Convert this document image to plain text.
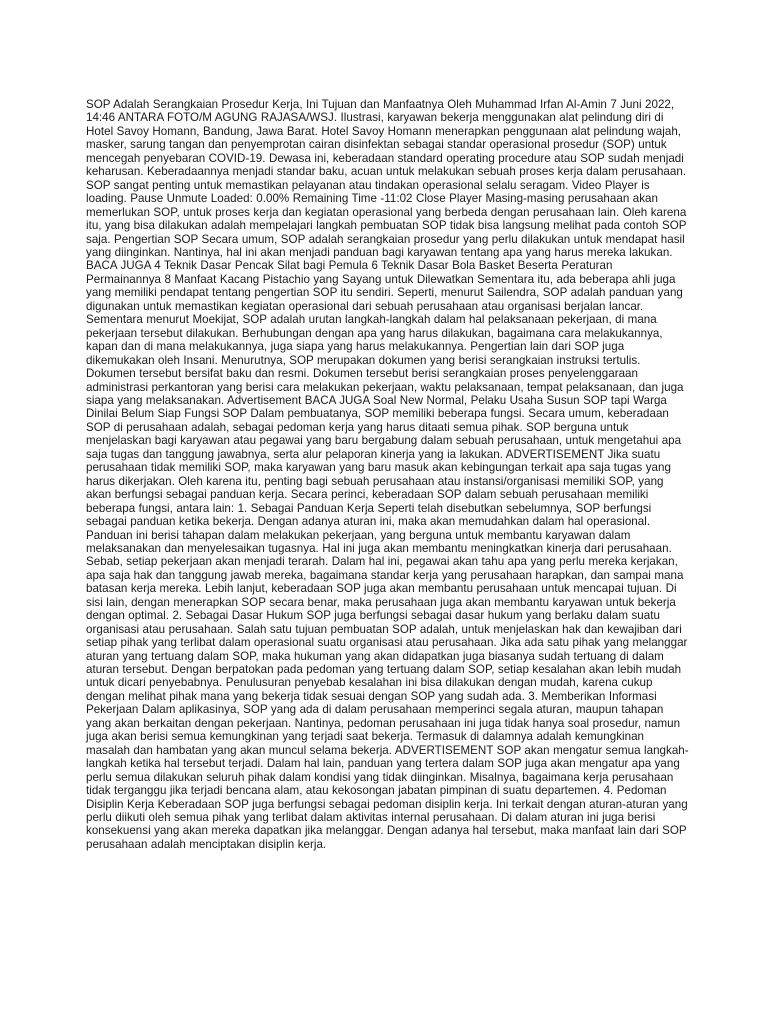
SOP Adalah Serangkaian Prosedur Kerja, Ini Tujuan dan Manfaatnya Oleh Muhammad Irfan Al-Amin 7 Juni 2022, 14:46 ANTARA FOTO/M AGUNG RAJASA/WSJ. Ilustrasi, karyawan bekerja menggunakan alat pelindung diri di Hotel Savoy Homann, Bandung, Jawa Barat. Hotel Savoy Homann menerapkan penggunaan alat pelindung wajah, masker, sarung tangan dan penyemprotan cairan disinfektan sebagai standar operasional prosedur (SOP) untuk mencegah penyebaran COVID-19. Dewasa ini, keberadaan standard operating procedure atau SOP sudah menjadi keharusan. Keberadaannya menjadi standar baku, acuan untuk melakukan sebuah proses kerja dalam perusahaan. SOP sangat penting untuk memastikan pelayanan atau tindakan operasional selalu seragam. Video Player is loading. Pause Unmute Loaded: 0.00% Remaining Time -11:02 Close Player Masing-masing perusahaan akan memerlukan SOP, untuk proses kerja dan kegiatan operasional yang berbeda dengan perusahaan lain. Oleh karena itu, yang bisa dilakukan adalah mempelajari langkah pembuatan SOP tidak bisa langsung melihat pada contoh SOP saja. Pengertian SOP Secara umum, SOP adalah serangkaian prosedur yang perlu dilakukan untuk mendapat hasil yang diinginkan. Nantinya, hal ini akan menjadi panduan bagi karyawan tentang apa yang harus mereka lakukan. BACA JUGA 4 Teknik Dasar Pencak Silat bagi Pemula 6 Teknik Dasar Bola Basket Beserta Peraturan Permainannya 8 Manfaat Kacang Pistachio yang Sayang untuk Dilewatkan Sementara itu, ada beberapa ahli juga yang memiliki pendapat tentang pengertian SOP itu sendiri. Seperti, menurut Sailendra, SOP adalah panduan yang digunakan untuk memastikan kegiatan operasional dari sebuah perusahaan atau organisasi berjalan lancar. Sementara menurut Moekijat, SOP adalah urutan langkah-langkah dalam hal pelaksanaan pekerjaan, di mana pekerjaan tersebut dilakukan. Berhubungan dengan apa yang harus dilakukan, bagaimana cara melakukannya, kapan dan di mana melakukannya, juga siapa yang harus melakukannya. Pengertian lain dari SOP juga dikemukakan oleh Insani. Menurutnya, SOP merupakan dokumen yang berisi serangkaian instruksi tertulis. Dokumen tersebut bersifat baku dan resmi. Dokumen tersebut berisi serangkaian proses penyelenggaraan administrasi perkantoran yang berisi cara melakukan pekerjaan, waktu pelaksanaan, tempat pelaksanaan, dan juga siapa yang melaksanakan. Advertisement BACA JUGA Soal New Normal, Pelaku Usaha Susun SOP tapi Warga Dinilai Belum Siap Fungsi SOP Dalam pembuatanya, SOP memiliki beberapa fungsi. Secara umum, keberadaan SOP di perusahaan adalah, sebagai pedoman kerja yang harus ditaati semua pihak. SOP berguna untuk menjelaskan bagi karyawan atau pegawai yang baru bergabung dalam sebuah perusahaan, untuk mengetahui apa saja tugas dan tanggung jawabnya, serta alur pelaporan kinerja yang ia lakukan. ADVERTISEMENT Jika suatu perusahaan tidak memiliki SOP, maka karyawan yang baru masuk akan kebingungan terkait apa saja tugas yang harus dikerjakan. Oleh karena itu, penting bagi sebuah perusahaan atau instansi/organisasi memiliki SOP, yang akan berfungsi sebagai panduan kerja. Secara perinci, keberadaan SOP dalam sebuah perusahaan memiliki beberapa fungsi, antara lain: 1. Sebagai Panduan Kerja Seperti telah disebutkan sebelumnya, SOP berfungsi sebagai panduan ketika bekerja. Dengan adanya aturan ini, maka akan memudahkan dalam hal operasional. Panduan ini berisi tahapan dalam melakukan pekerjaan, yang berguna untuk membantu karyawan dalam melaksanakan dan menyelesaikan tugasnya. Hal ini juga akan membantu meningkatkan kinerja dari perusahaan. Sebab, setiap pekerjaan akan menjadi terarah. Dalam hal ini, pegawai akan tahu apa yang perlu mereka kerjakan, apa saja hak dan tanggung jawab mereka, bagaimana standar kerja yang perusahaan harapkan, dan sampai mana batasan kerja mereka. Lebih lanjut, keberadaan SOP juga akan membantu perusahaan untuk mencapai tujuan. Di sisi lain, dengan menerapkan SOP secara benar, maka perusahaan juga akan membantu karyawan untuk bekerja dengan optimal. 2. Sebagai Dasar Hukum SOP juga berfungsi sebagai dasar hukum yang berlaku dalam suatu organisasi atau perusahaan. Salah satu tujuan pembuatan SOP adalah, untuk menjelaskan hak dan kewajiban dari setiap pihak yang terlibat dalam operasional suatu organisasi atau perusahaan. Jika ada satu pihak yang melanggar aturan yang tertuang dalam SOP, maka hukuman yang akan didapatkan juga biasanya sudah tertuang di dalam aturan tersebut. Dengan berpatokan pada pedoman yang tertuang dalam SOP, setiap kesalahan akan lebih mudah untuk dicari penyebabnya. Penulusuran penyebab kesalahan ini bisa dilakukan dengan mudah, karena cukup dengan melihat pihak mana yang bekerja tidak sesuai dengan SOP yang sudah ada. 3. Memberikan Informasi Pekerjaan Dalam aplikasinya, SOP yang ada di dalam perusahaan memperinci segala aturan, maupun tahapan yang akan berkaitan dengan pekerjaan. Nantinya, pedoman perusahaan ini juga tidak hanya soal prosedur, namun juga akan berisi semua kemungkinan yang terjadi saat bekerja. Termasuk di dalamnya adalah kemungkinan masalah dan hambatan yang akan muncul selama bekerja. ADVERTISEMENT SOP akan mengatur semua langkah-langkah ketika hal tersebut terjadi. Dalam hal lain, panduan yang tertera dalam SOP juga akan mengatur apa yang perlu semua dilakukan seluruh pihak dalam kondisi yang tidak diinginkan. Misalnya, bagaimana kerja perusahaan tidak terganggu jika terjadi bencana alam, atau kekosongan jabatan pimpinan di suatu departemen. 4. Pedoman Disiplin Kerja Keberadaan SOP juga berfungsi sebagai pedoman disiplin kerja. Ini terkait dengan aturan-aturan yang perlu diikuti oleh semua pihak yang terlibat dalam aktivitas internal perusahaan. Di dalam aturan ini juga berisi konsekuensi yang akan mereka dapatkan jika melanggar. Dengan adanya hal tersebut, maka manfaat lain dari SOP perusahaan adalah menciptakan disiplin kerja.
